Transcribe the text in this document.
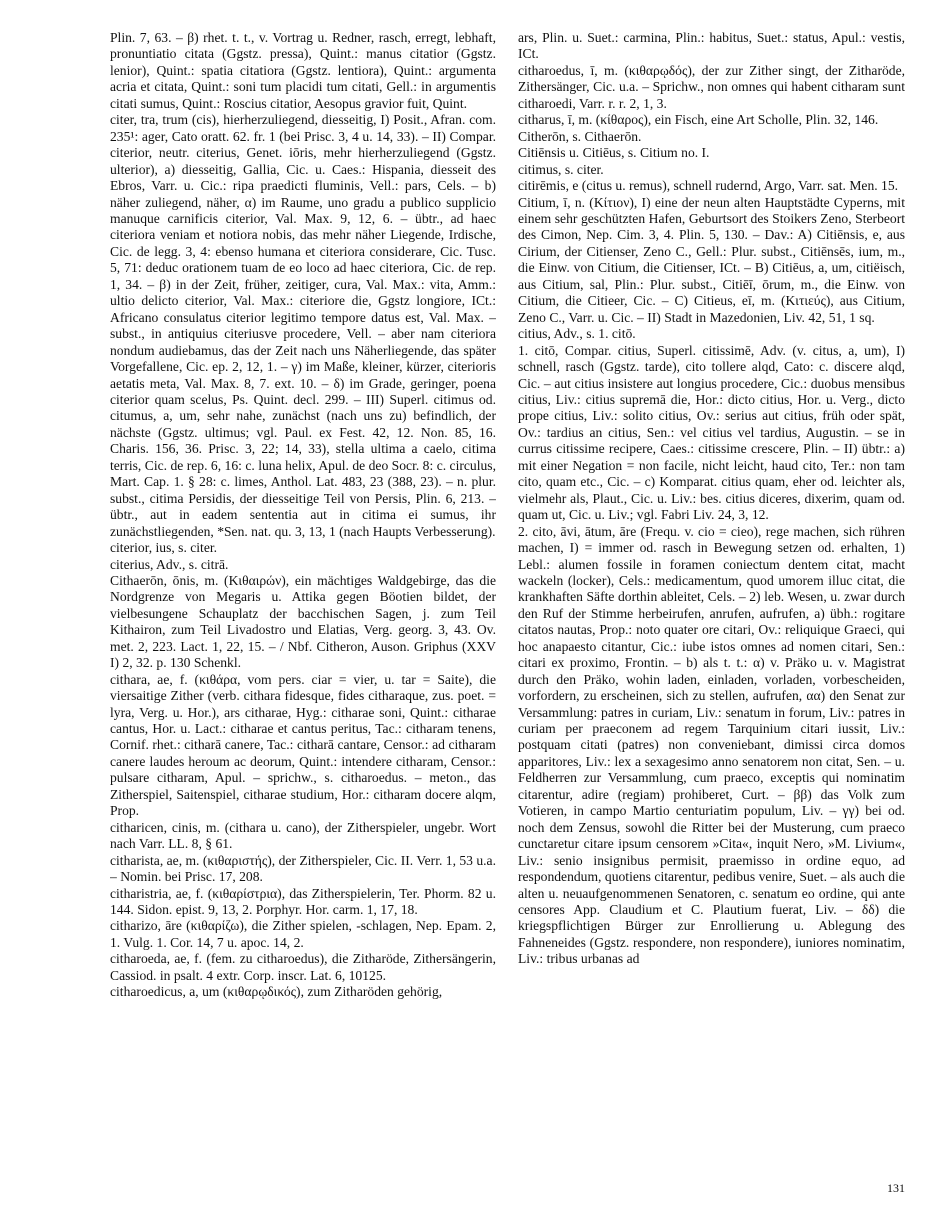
Plin. 7, 63. – β) rhet. t. t., v. Vortrag u. Redner, rasch, erregt, lebhaft, pronuntiatio citata (Ggstz. pressa), Quint.: manus citatior (Ggstz. lenior), Quint.: spatia citatiora (Ggstz. lentiora), Quint.: argumenta acria et citata, Quint.: soni tum placidi tum citati, Gell.: in argumentis citati sumus, Quint.: Roscius citatior, Aesopus gravior fuit, Quint.

citer, tra, trum (cis), hierherzuliegend, diesseitig, I) Posit., Afran. com. 235¹: ager, Cato oratt. 62. fr. 1 (bei Prisc. 3, 4 u. 14, 33). – II) Compar. citerior, neutr. citerius, Genet. iōris, mehr hierherzuliegend (Ggstz. ulterior), a) diesseitig, Gallia, Cic. u. Caes.: Hispania, diesseit des Ebros, Varr. u. Cic.: ripa praedicti fluminis, Vell.: pars, Cels. – b) näher zuliegend, näher, α) im Raume, uno gradu a publico supplicio manuque carnificis citerior, Val. Max. 9, 12, 6. – übtr., ad haec citeriora veniam et notiora nobis, das mehr näher Liegende, Irdische, Cic. de legg. 3, 4: ebenso humana et citeriora considerare, Cic. Tusc. 5, 71: deduc orationem tuam de eo loco ad haec citeriora, Cic. de rep. 1, 34. – β) in der Zeit, früher, zeitiger, cura, Val. Max.: vita, Amm.: ultio delicto citerior, Val. Max.: citeriore die, Ggstz longiore, ICt.: Africano consulatus citerior legitimo tempore datus est, Val. Max. – subst., in antiquius citeriusve procedere, Vell. – aber nam citeriora nondum audiebamus, das der Zeit nach uns Näherliegende, das später Vorgefallene, Cic. ep. 2, 12, 1. – γ) im Maße, kleiner, kürzer, citerioris aetatis meta, Val. Max. 8, 7. ext. 10. – δ) im Grade, geringer, poena citerior quam scelus, Ps. Quint. decl. 299. – III) Superl. citimus od. citumus, a, um, sehr nahe, zunächst (nach uns zu) befindlich, der nächste (Ggstz. ultimus; vgl. Paul. ex Fest. 42, 12. Non. 85, 16. Charis. 156, 36. Prisc. 3, 22; 14, 33), stella ultima a caelo, citima terris, Cic. de rep. 6, 16: c. luna helix, Apul. de deo Socr. 8: c. circulus, Mart. Cap. 1. § 28: c. limes, Anthol. Lat. 483, 23 (388, 23). – n. plur. subst., citima Persidis, der diesseitige Teil von Persis, Plin. 6, 213. – übtr., aut in eadem sententia aut in citima ei sumus, ihr zunächstliegenden, *Sen. nat. qu. 3, 13, 1 (nach Haupts Verbesserung).

citerior, ius, s. citer.

citerius, Adv., s. citrā.

Cithaerōn, ōnis, m. (Κιθαιρών), ein mächtiges Waldgebirge, das die Nordgrenze von Megaris u. Attika gegen Böotien bildet, der vielbesungene Schauplatz der bacchischen Sagen, j. zum Teil Kithairon, zum Teil Livadostro und Elatias, Verg. georg. 3, 43. Ov. met. 2, 223. Lact. 1, 22, 15. – / Nbf. Citheron, Auson. Griphus (XXV I) 2, 32. p. 130 Schenkl.

cithara, ae, f. (κιθάρα, vom pers. ciar = vier, u. tar = Saite), die viersaitige Zither (verb. cithara fidesque, fides citharaque, zus. poet. = lyra, Verg. u. Hor.), ars citharae, Hyg.: citharae soni, Quint.: citharae cantus, Hor. u. Lact.: citharae et cantus peritus, Tac.: citharam tenens, Cornif. rhet.: citharā canere, Tac.: citharā cantare, Censor.: ad citharam canere laudes heroum ac deorum, Quint.: intendere citharam, Censor.: pulsare citharam, Apul. – sprichw., s. citharoedus. – meton., das Zitherspiel, Saitenspiel, citharae studium, Hor.: citharam docere alqm, Prop.

citharicen, cinis, m. (cithara u. cano), der Zitherspieler, ungebr. Wort nach Varr. LL. 8, § 61.

citharista, ae, m. (κιθαριστής), der Zitherspieler, Cic. II. Verr. 1, 53 u.a. – Nomin. bei Prisc. 17, 208.

citharistria, ae, f. (κιθαρίστρια), das Zitherspielerin, Ter. Phorm. 82 u. 144. Sidon. epist. 9, 13, 2. Porphyr. Hor. carm. 1, 17, 18.

citharizo, āre (κιθαρίζω), die Zither spielen, -schlagen, Nep. Epam. 2, 1. Vulg. 1. Cor. 14, 7 u. apoc. 14, 2.

citharoeda, ae, f. (fem. zu citharoedus), die Zitharöde, Zithersängerin, Cassiod. in psalt. 4 extr. Corp. inscr. Lat. 6, 10125.

citharoedicus, a, um (κιθαρῳδικός), zum Zitharöden gehörig,

ars, Plin. u. Suet.: carmina, Plin.: habitus, Suet.: status, Apul.: vestis, ICt.

citharoedus, ī, m. (κιθαρῳδός), der zur Zither singt, der Zitharöde, Zithersänger, Cic. u.a. – Sprichw., non omnes qui habent citharam sunt citharoedi, Varr. r. r. 2, 1, 3.

citharus, ī, m. (κίθαρος), ein Fisch, eine Art Scholle, Plin. 32, 146.

Citherōn, s. Cithaerōn.

Citiēnsis u. Citiēus, s. Citium no. I.

citimus, s. citer.

citirēmis, e (citus u. remus), schnell rudernd, Argo, Varr. sat. Men. 15.

Citium, ī, n. (Κίτιον), I) eine der neun alten Hauptstädte Cyperns, mit einem sehr geschützten Hafen, Geburtsort des Stoikers Zeno, Sterbeort des Cimon, Nep. Cim. 3, 4. Plin. 5, 130. – Dav.: A) Citiēnsis, e, aus Cirium, der Citienser, Zeno C., Gell.: Plur. subst., Citiēnsēs, ium, m., die Einw. von Citium, die Citienser, ICt. – B) Citiēus, a, um, citiëisch, aus Citium, sal, Plin.: Plur. subst., Citiēī, ōrum, m., die Einw. von Citium, die Citieer, Cic. – C) Citieus, eī, m. (Κιτιεύς), aus Citium, Zeno C., Varr. u. Cic. – II) Stadt in Mazedonien, Liv. 42, 51, 1 sq.

citius, Adv., s. 1. citō.

1. citō, Compar. citius, Superl. citissimē, Adv. (v. citus, a, um), I) schnell, rasch (Ggstz. tarde), cito tollere alqd, Cato: c. discere alqd, Cic. – aut citius insistere aut longius procedere, Cic.: duobus mensibus citius, Liv.: citius supremā die, Hor.: dicto citius, Hor. u. Verg., dicto prope citius, Liv.: solito citius, Ov.: serius aut citius, früh oder spät, Ov.: tardius an citius, Sen.: vel citius vel tardius, Augustin. – se in currus citissime recipere, Caes.: citissime crescere, Plin. – II) übtr.: a) mit einer Negation = non facile, nicht leicht, haud cito, Ter.: non tam cito, quam etc., Cic. – c) Komparat. citius quam, eher od. leichter als, vielmehr als, Plaut., Cic. u. Liv.: bes. citius diceres, dixerim, quam od. quam ut, Cic. u. Liv.; vgl. Fabri Liv. 24, 3, 12.

2. cito, āvi, ātum, āre (Frequ. v. cio = cieo), rege machen, sich rühren machen, I) = immer od. rasch in Bewegung setzen od. erhalten, 1) Lebl.: alumen fossile in foramen coniectum dentem citat, macht wackeln (locker), Cels.: medicamentum, quod umorem illuc citat, die krankhaften Säfte dorthin ableitet, Cels. – 2) leb. Wesen, u. zwar durch den Ruf der Stimme herbeirufen, anrufen, aufrufen, a) übh.: rogitare citatos nautas, Prop.: noto quater ore citari, Ov.: reliquique Graeci, qui hoc anapaesto citantur, Cic.: iube istos omnes ad nomen citari, Sen.: citari ex proximo, Frontin. – b) als t. t.: α) v. Präko u. v. Magistrat durch den Präko, wohin laden, einladen, vorladen, vorbescheiden, vorfordern, zu erscheinen, sich zu stellen, aufrufen, αα) den Senat zur Versammlung: patres in curiam, Liv.: senatum in forum, Liv.: patres in curiam per praeconem ad regem Tarquinium citari iussit, Liv.: postquam citati (patres) non conveniebant, dimissi circa domos apparitores, Liv.: lex a sexagesimo anno senatorem non citat, Sen. – u. Feldherren zur Versammlung, cum praeco, exceptis qui nominatim citarentur, adire (regiam) prohiberet, Curt. – ββ) das Volk zum Votieren, in campo Martio centuriatim populum, Liv. – γγ) bei od. noch dem Zensus, sowohl die Ritter bei der Musterung, cum praeco cunctaretur citare ipsum censorem »Cita«, inquit Nero, »M. Livium«, Liv.: senio insignibus permisit, praemisso in ordine equo, ad respondendum, quotiens citarentur, pedibus venire, Suet. – als auch die alten u. neuaufgenommenen Senatoren, c. senatum eo ordine, qui ante censores App. Claudium et C. Plautium fuerat, Liv. – δδ) die kriegspflichtigen Bürger zur Enrollierung u. Ablegung des Fahneneides (Ggstz. respondere, non respondere), iuniores nominatim, Liv.: tribus urbanas ad

131
